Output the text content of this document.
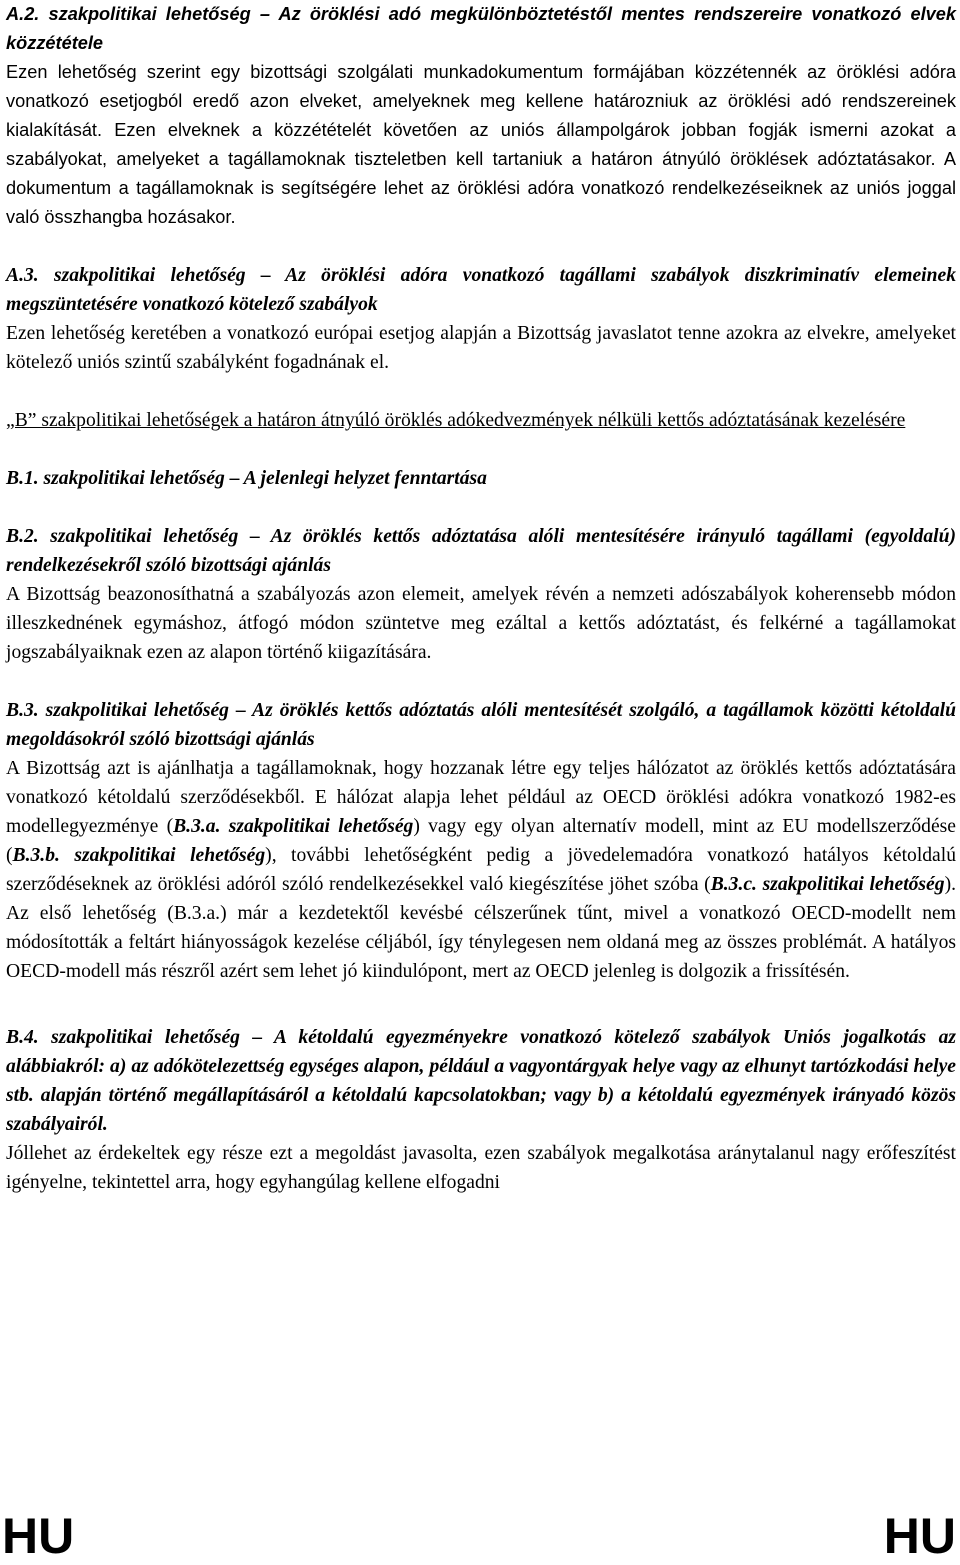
A.2. szakpolitikai lehetőség – Az öröklési adó megkülönböztetéstől mentes rendszereire vonatkozó elvek közzététele
Ezen lehetőség szerint egy bizottsági szolgálati munkadokumentum formájában közzétennék az öröklési adóra vonatkozó esetjogból eredő azon elveket, amelyeknek meg kellene határozniuk az öröklési adó rendszereinek kialakítását. Ezen elveknek a közzétételét követően az uniós állampolgárok jobban fogják ismerni azokat a szabályokat, amelyeket a tagállamoknak tiszteletben kell tartaniuk a határon átnyúló öröklések adóztatásakor. A dokumentum a tagállamoknak is segítségére lehet az öröklési adóra vonatkozó rendelkezéseiknek az uniós joggal való összhangba hozásakor.

A.3. szakpolitikai lehetőség – Az öröklési adóra vonatkozó tagállami szabályok diszkriminatív elemeinek megszüntetésére vonatkozó kötelező szabályok
Ezen lehetőség keretében a vonatkozó európai esetjog alapján a Bizottság javaslatot tenne azokra az elvekre, amelyeket kötelező uniós szintű szabályként fogadnának el.

„B” szakpolitikai lehetőségek a határon átnyúló öröklés adókedvezmények nélküli kettős adóztatásának kezelésére

B.1. szakpolitikai lehetőség – A jelenlegi helyzet fenntartása

B.2. szakpolitikai lehetőség – Az öröklés kettős adóztatása alóli mentesítésére irányuló tagállami (egyoldalú) rendelkezésekről szóló bizottsági ajánlás
A Bizottság beazonosíthatná a szabályozás azon elemeit, amelyek révén a nemzeti adószabályok koherensebb módon illeszkednének egymáshoz, átfogó módon szüntetve meg ezáltal a kettős adóztatást, és felkérné a tagállamokat jogszabályaiknak ezen az alapon történő kiigazítására.

B.3. szakpolitikai lehetőség – Az öröklés kettős adóztatás alóli mentesítését szolgáló, a tagállamok közötti kétoldalú megoldásokról szóló bizottsági ajánlás
A Bizottság azt is ajánlhatja a tagállamoknak, hogy hozzanak létre egy teljes hálózatot az öröklés kettős adóztatására vonatkozó kétoldalú szerződésekből. E hálózat alapja lehet például az OECD öröklési adókra vonatkozó 1982-es modellegyezménye (B.3.a. szakpolitikai lehetőség) vagy egy olyan alternatív modell, mint az EU modellszerződése (B.3.b. szakpolitikai lehetőség), további lehetőségként pedig a jövedelemadóra vonatkozó hatályos kétoldalú szerződéseknek az öröklési adóról szóló rendelkezésekkel való kiegészítése jöhet szóba (B.3.c. szakpolitikai lehetőség). Az első lehetőség (B.3.a.) már a kezdetektől kevésbé célszerűnek tűnt, mivel a vonatkozó OECD-modellt nem módosították a feltárt hiányosságok kezelése céljából, így ténylegesen nem oldaná meg az összes problémát. A hatályos OECD-modell más részről azért sem lehet jó kiindulópont, mert az OECD jelenleg is dolgozik a frissítésén.

B.4. szakpolitikai lehetőség – A kétoldalú egyezményekre vonatkozó kötelező szabályok Uniós jogalkotás az alábbiakról: a) az adókötelezettség egységes alapon, például a vagyontárgyak helye vagy az elhunyt tartózkodási helye stb. alapján történő megállapításáról a kétoldalú kapcsolatokban; vagy b) a kétoldalú egyezmények irányadó közös szabályairól.
Jóllehet az érdekeltek egy része ezt a megoldást javasolta, ezen szabályok megalkotása aránytalanul nagy erőfeszítést igényelne, tekintettel arra, hogy egyhangúlag kellene elfogadni

HU	HU
